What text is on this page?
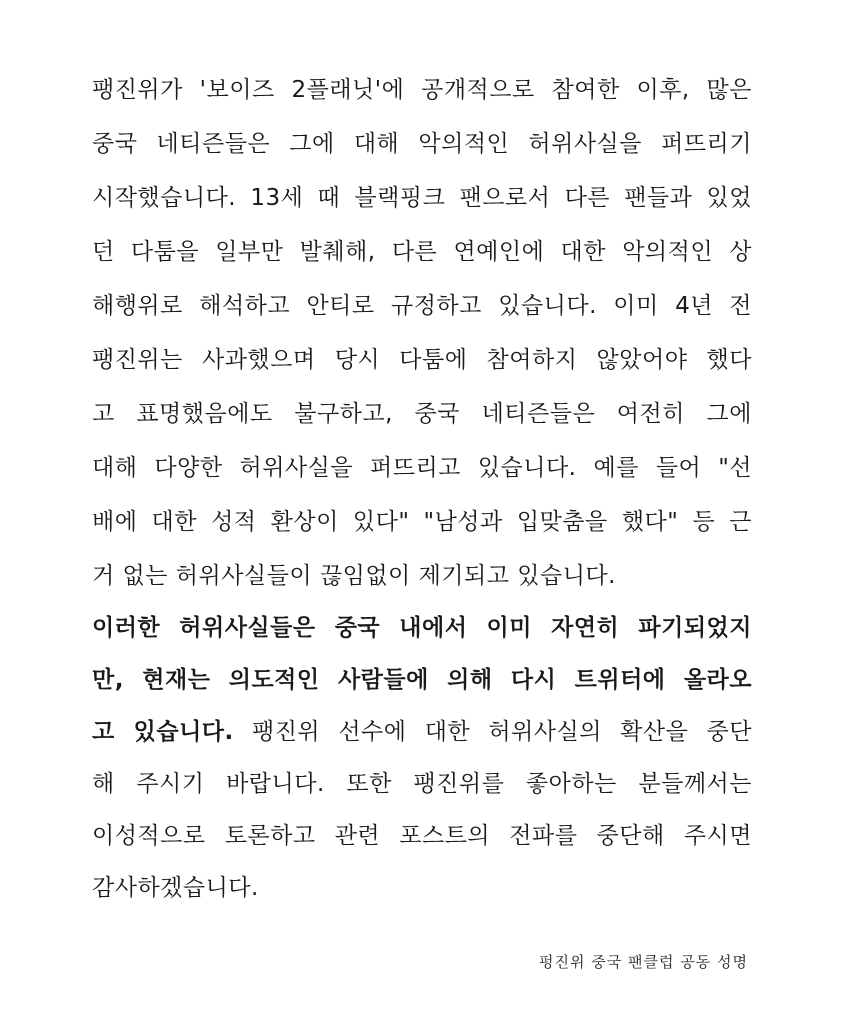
팽진위가 '보이즈 2플래닛'에 공개적으로 참여한 이후, 많은
중국 네티즌들은 그에 대해 악의적인 허위사실을 퍼뜨리기
시작했습니다. 13세 때 블랙핑크 팬으로서 다른 팬들과 있었
던 다툼을 일부만 발췌해, 다른 연예인에 대한 악의적인 상
해행위로 해석하고 안티로 규정하고 있습니다. 이미 4년 전
팽진위는 사과했으며 당시 다툼에 참여하지 않았어야 했다
고 표명했음에도 불구하고, 중국 네티즌들은 여전히 그에
대해 다양한 허위사실을 퍼뜨리고 있습니다. 예를 들어 "선
배에 대한 성적 환상이 있다" "남성과 입맞춤을 했다" 등 근
거 없는 허위사실들이 끊임없이 제기되고 있습니다.
이러한 허위사실들은 중국 내에서 이미 자연히 파기되었지
만, 현재는 의도적인 사람들에 의해 다시 트위터에 올라오
고 있습니다. 팽진위 선수에 대한 허위사실의 확산을 중단
해 주시기 바랍니다. 또한 팽진위를 좋아하는 분들께서는
이성적으로 토론하고 관련 포스트의 전파를 중단해 주시면
감사하겠습니다.
펑진위 중국 팬클럽 공동 성명
